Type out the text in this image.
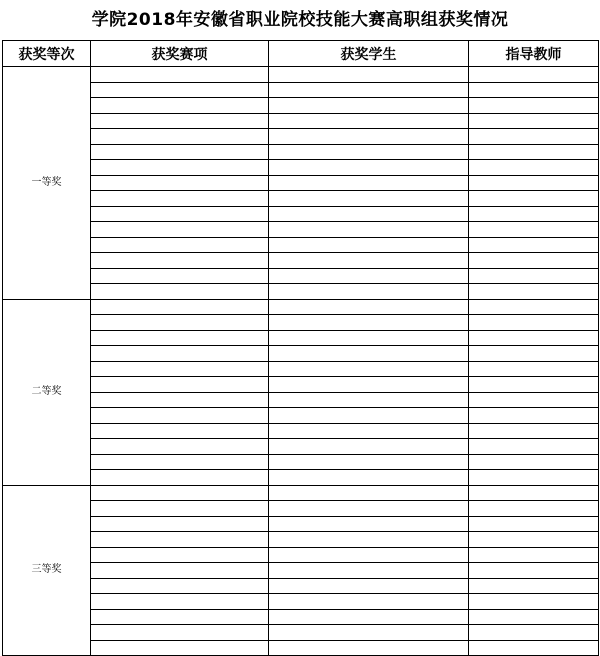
学院2018年安徽省职业院校技能大赛高职组获奖情况
获奖等次	获奖赛项	获奖学生	指导教师
一等奖			

二等奖			

三等奖			
